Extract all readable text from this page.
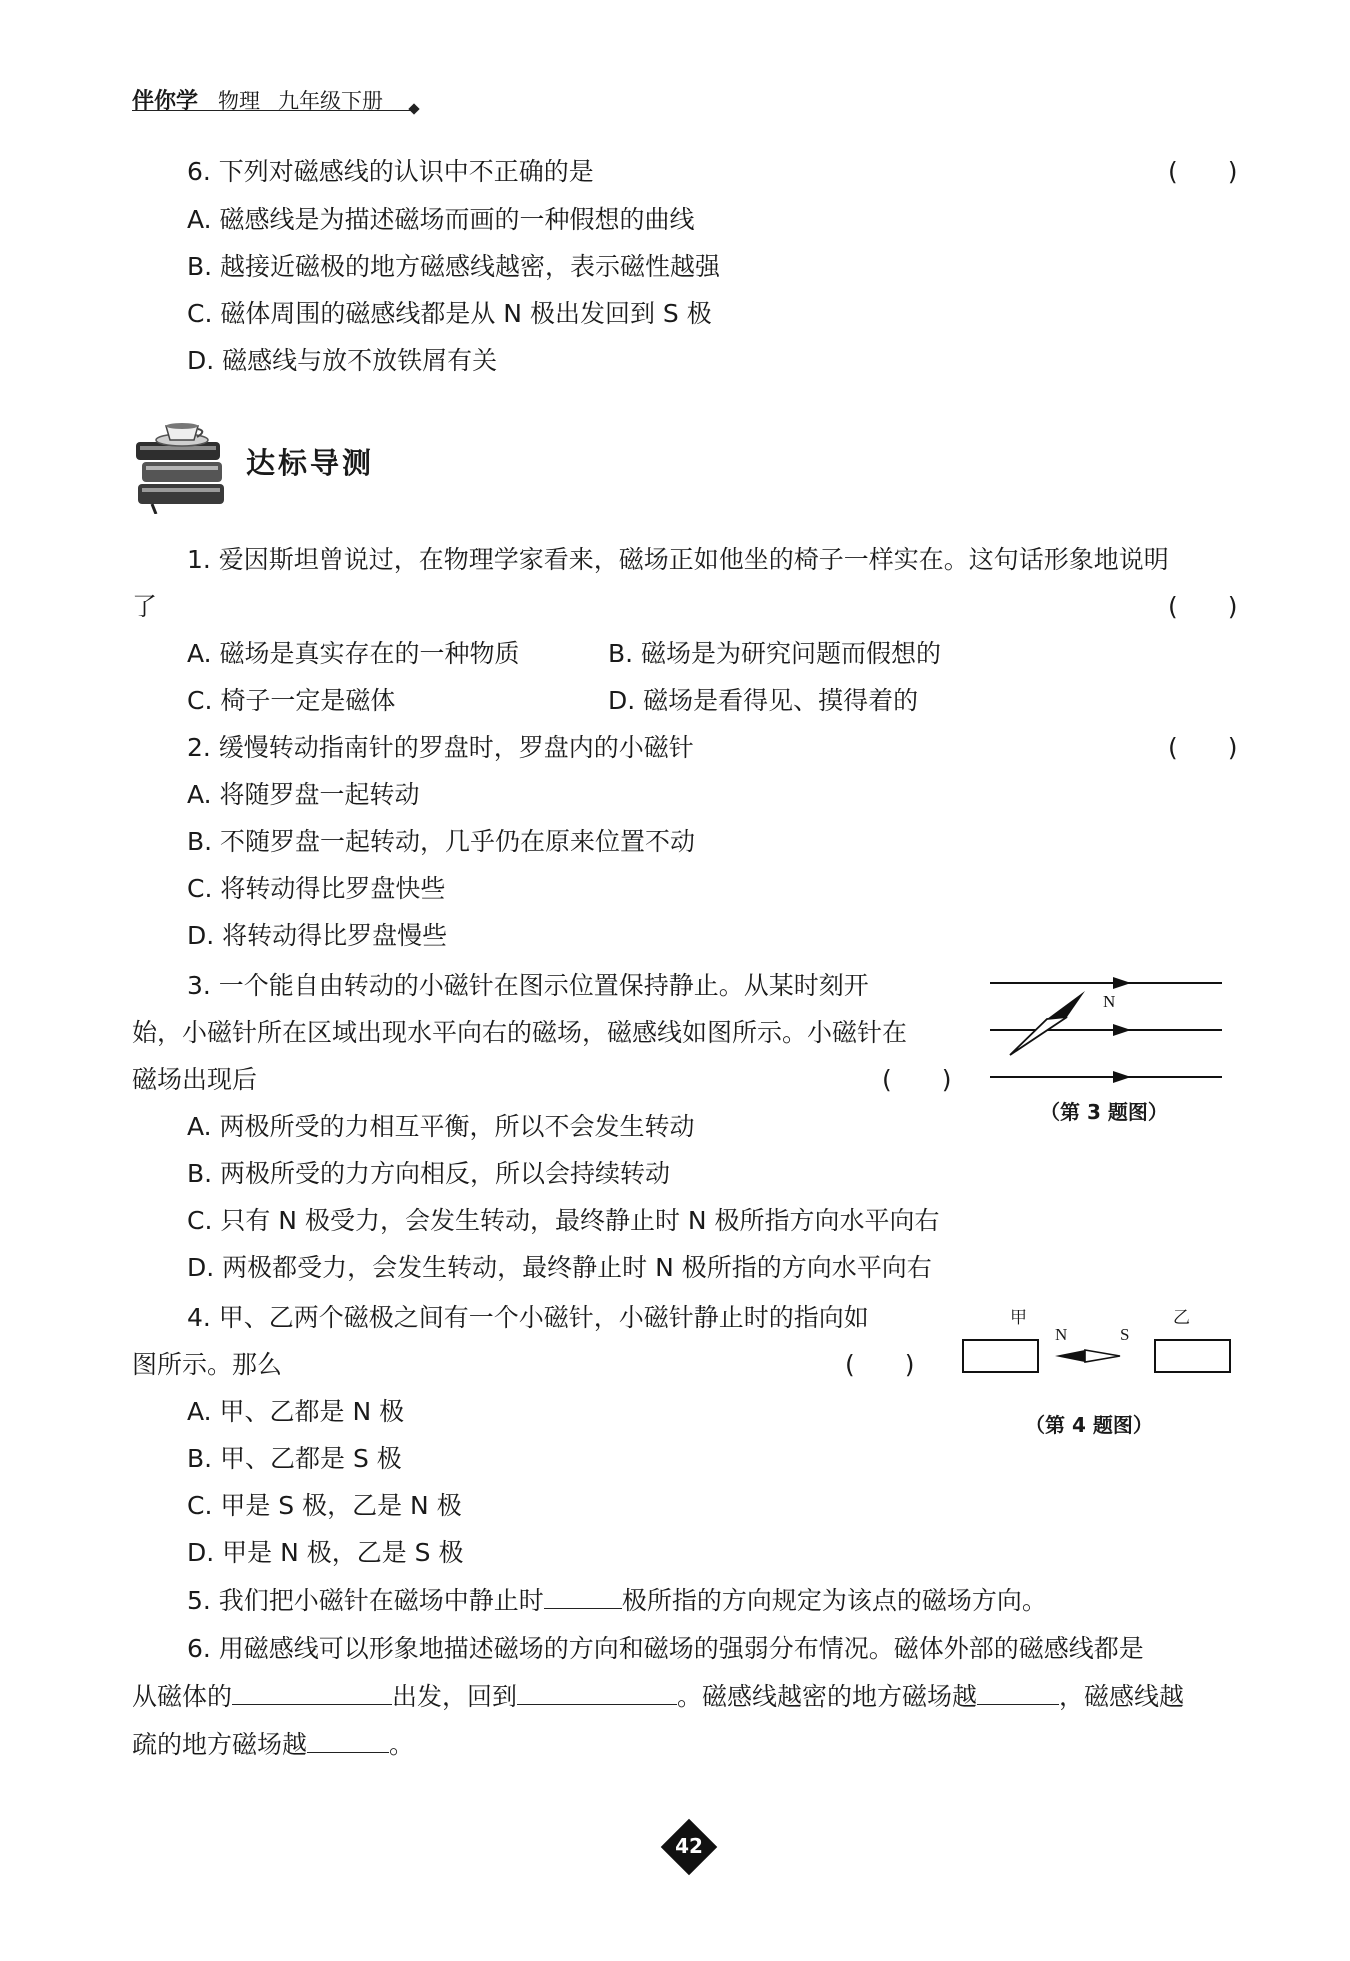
伴你学 物理 九年级下册
6. 下列对磁感线的认识中不正确的是	(　　)
A. 磁感线是为描述磁场而画的一种假想的曲线
B. 越接近磁极的地方磁感线越密，表示磁性越强
C. 磁体周围的磁感线都是从 N 极出发回到 S 极
D. 磁感线与放不放铁屑有关
达标导测
1. 爱因斯坦曾说过，在物理学家看来，磁场正如他坐的椅子一样实在。这句话形象地说明
了	(　　)
A. 磁场是真实存在的一种物质	B. 磁场是为研究问题而假想的
C. 椅子一定是磁体	D. 磁场是看得见、摸得着的
2. 缓慢转动指南针的罗盘时，罗盘内的小磁针	(　　)
A. 将随罗盘一起转动
B. 不随罗盘一起转动，几乎仍在原来位置不动
C. 将转动得比罗盘快些
D. 将转动得比罗盘慢些
3. 一个能自由转动的小磁针在图示位置保持静止。从某时刻开
始，小磁针所在区域出现水平向右的磁场，磁感线如图所示。小磁针在
磁场出现后	(　　)
N
（第 3 题图）
A. 两极所受的力相互平衡，所以不会发生转动
B. 两极所受的力方向相反，所以会持续转动
C. 只有 N 极受力，会发生转动，最终静止时 N 极所指方向水平向右
D. 两极都受力，会发生转动，最终静止时 N 极所指的方向水平向右
4. 甲、乙两个磁极之间有一个小磁针，小磁针静止时的指向如
图所示。那么	(　　)
甲	乙
N	S
（第 4 题图）
A. 甲、乙都是 N 极
B. 甲、乙都是 S 极
C. 甲是 S 极，乙是 N 极
D. 甲是 N 极，乙是 S 极
5. 我们把小磁针在磁场中静止时	极所指的方向规定为该点的磁场方向。
6. 用磁感线可以形象地描述磁场的方向和磁场的强弱分布情况。磁体外部的磁感线都是
从磁体的	出发，回到	。磁感线越密的地方磁场越	，磁感线越
疏的地方磁场越	。
42
